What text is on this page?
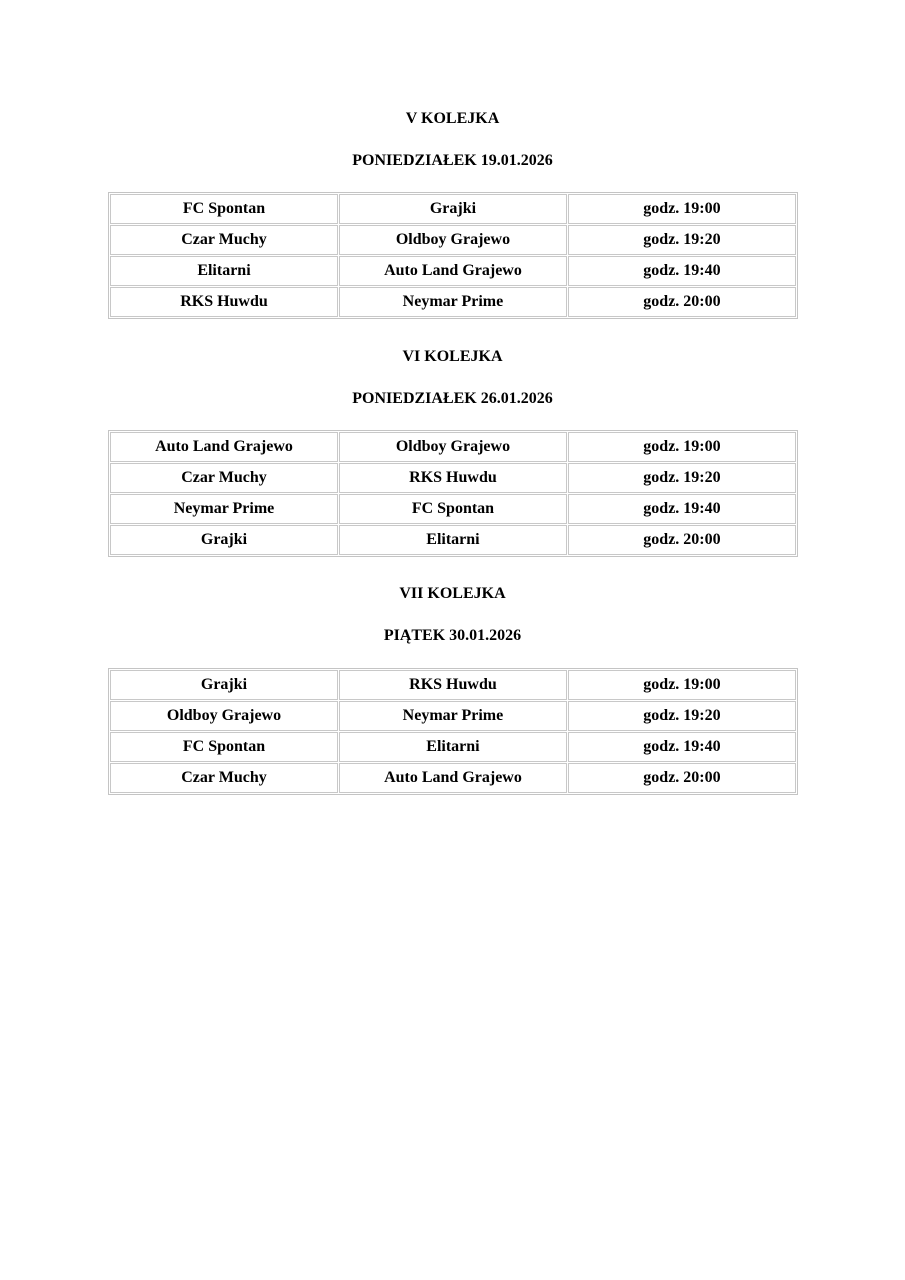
V KOLEJKA

PONIEDZIAŁEK 19.01.2026

FC Spontan	Grajki	godz. 19:00
Czar Muchy	Oldboy Grajewo	godz. 19:20
Elitarni	Auto Land Grajewo	godz. 19:40
RKS Huwdu	Neymar Prime	godz. 20:00

VI KOLEJKA

PONIEDZIAŁEK 26.01.2026

Auto Land Grajewo	Oldboy Grajewo	godz. 19:00
Czar Muchy	RKS Huwdu	godz. 19:20
Neymar Prime	FC Spontan	godz. 19:40
Grajki	Elitarni	godz. 20:00

VII KOLEJKA

PIĄTEK 30.01.2026

Grajki	RKS Huwdu	godz. 19:00
Oldboy Grajewo	Neymar Prime	godz. 19:20
FC Spontan	Elitarni	godz. 19:40
Czar Muchy	Auto Land Grajewo	godz. 20:00
